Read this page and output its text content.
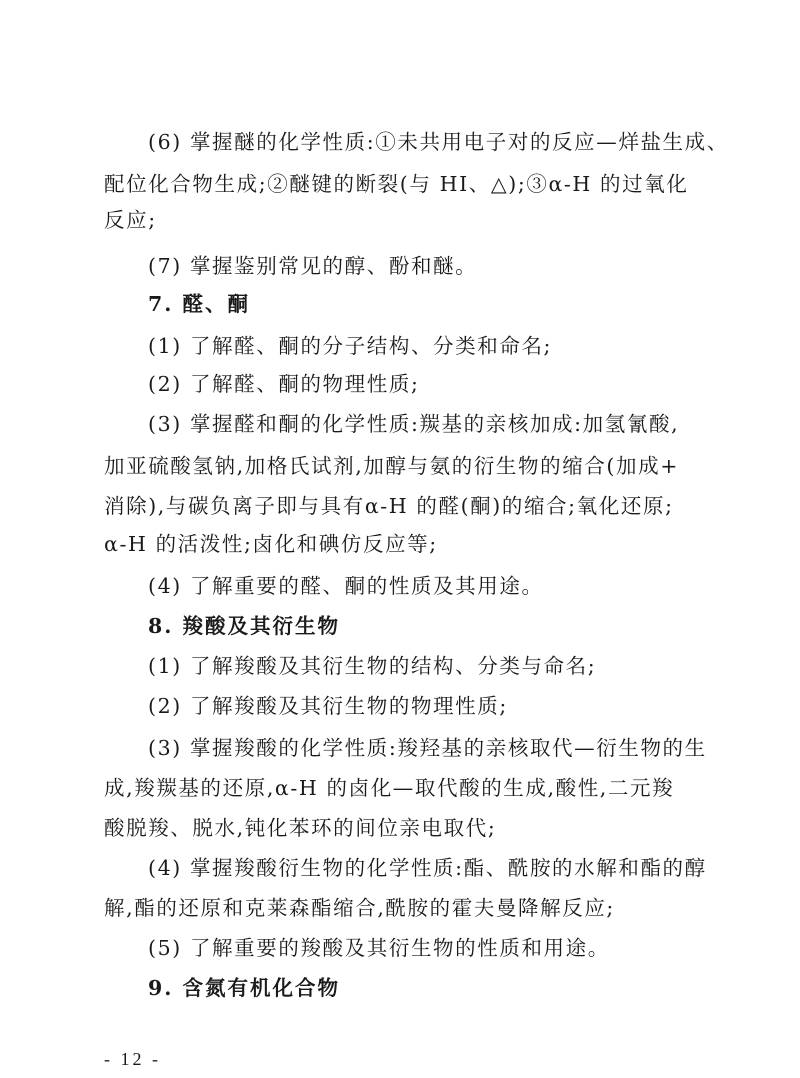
(6) 掌握醚的化学性质:①未共用电子对的反应—烊盐生成、
配位化合物生成;②醚键的断裂(与 HI、△);③α-H 的过氧化
反应;
(7) 掌握鉴别常见的醇、酚和醚。
7. 醛、酮
(1) 了解醛、酮的分子结构、分类和命名;
(2) 了解醛、酮的物理性质;
(3) 掌握醛和酮的化学性质:羰基的亲核加成:加氢氰酸,
加亚硫酸氢钠,加格氏试剂,加醇与氨的衍生物的缩合(加成+
消除),与碳负离子即与具有α-H 的醛(酮)的缩合;氧化还原;
α-H 的活泼性;卤化和碘仿反应等;
(4) 了解重要的醛、酮的性质及其用途。
8. 羧酸及其衍生物
(1) 了解羧酸及其衍生物的结构、分类与命名;
(2) 了解羧酸及其衍生物的物理性质;
(3) 掌握羧酸的化学性质:羧羟基的亲核取代—衍生物的生
成,羧羰基的还原,α-H 的卤化—取代酸的生成,酸性,二元羧
酸脱羧、脱水,钝化苯环的间位亲电取代;
(4) 掌握羧酸衍生物的化学性质:酯、酰胺的水解和酯的醇
解,酯的还原和克莱森酯缩合,酰胺的霍夫曼降解反应;
(5) 了解重要的羧酸及其衍生物的性质和用途。
9. 含氮有机化合物
- 12 -
